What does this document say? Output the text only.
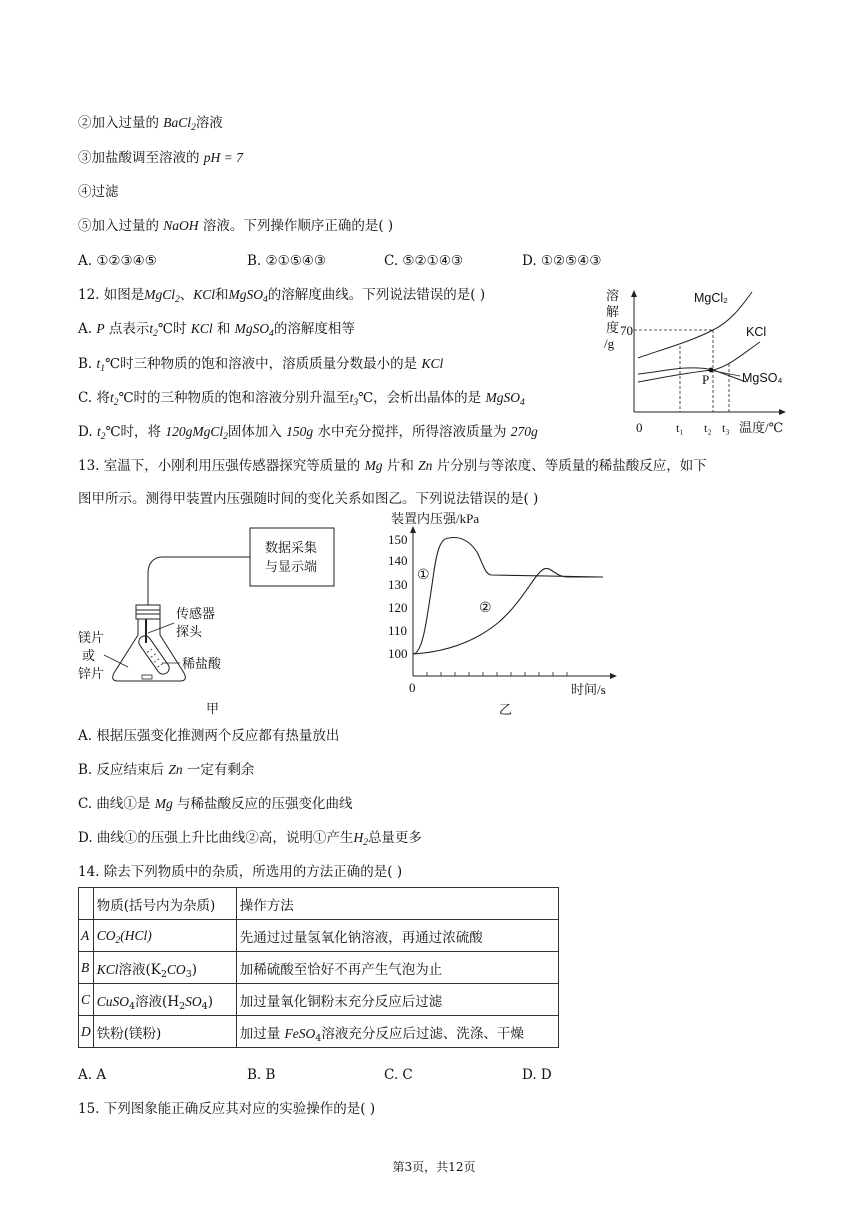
②加入过量的 BaCl$_2$溶液
③加盐酸调至溶液的 pH = 7
④过滤
⑤加入过量的 NaOH 溶液。下列操作顺序正确的是( )
A. ①②③④⑤	B. ②①⑤④③	C. ⑤②①④③	D. ①②⑤④③
12. 如图是MgCl$_2$、KCl和MgSO$_4$的溶解度曲线。下列说法错误的是( )
A. P 点表示$t_2℃$时 KCl 和 MgSO$_4$的溶解度相等
B. $t_1℃$时三种物质的饱和溶液中，溶质质量分数最小的是 KCl
C. 将$t_2℃$时的三种物质的饱和溶液分别升温至$t_3℃$，会析出晶体的是 MgSO$_4$
D. $t_2℃$时，将 120gMgCl$_2$固体加入 150g 水中充分搅拌，所得溶液质量为 270g
溶
解
度
/g
70
0
P
MgCl₂
KCl
MgSO₄
t₁ t₂ t₃ 温度/℃
13. 室温下，小刚利用压强传感器探究等质量的 Mg 片和 Zn 片分别与等浓度、等质量的稀盐酸反应，如下
图甲所示。测得甲装置内压强随时间的变化关系如图乙。下列说法错误的是( )
数据采集
与显示端
传感器
探头
稀盐酸
镁片
或
锌片
甲
装置内压强/kPa
150
140
130
120
110
100
0	时间/s
①
②
乙
A. 根据压强变化推测两个反应都有热量放出
B. 反应结束后 Zn 一定有剩余
C. 曲线①是 Mg 与稀盐酸反应的压强变化曲线
D. 曲线①的压强上升比曲线②高，说明①产生$H_2$总量更多
14. 除去下列物质中的杂质，所选用的方法正确的是( )
	物质(括号内为杂质)	操作方法
A	$CO_2(HCl)$	先通过过量氢氧化钠溶液，再通过浓硫酸
B	KCl溶液$(K_2CO_3)$	加稀硫酸至恰好不再产生气泡为止
C	CuSO$_4$溶液$(H_2SO_4)$	加过量氧化铜粉末充分反应后过滤
D	铁粉(镁粉)	加过量 FeSO$_4$溶液充分反应后过滤、洗涤、干燥
A. A	B. B	C. C	D. D
15. 下列图象能正确反应其对应的实验操作的是( )
第3页，共12页
